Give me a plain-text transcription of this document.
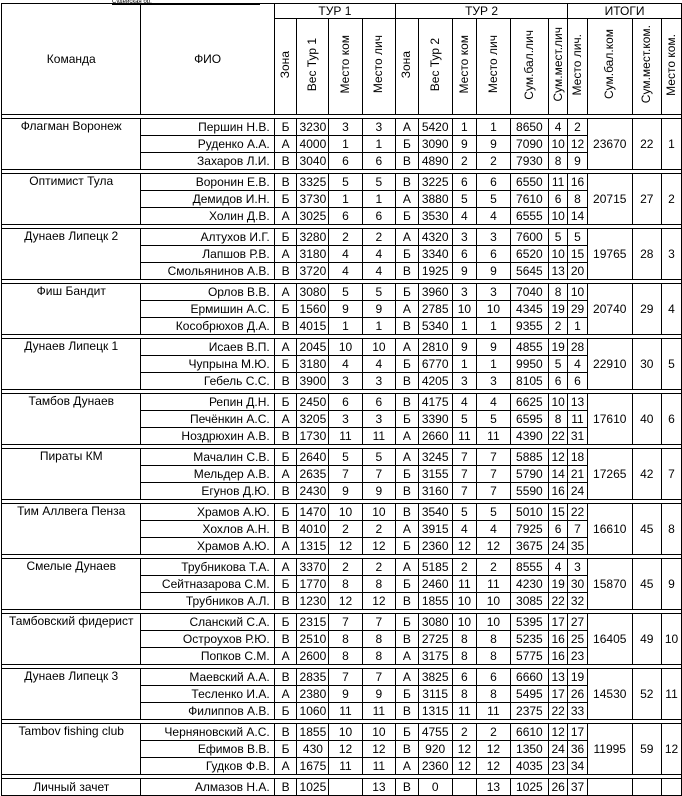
Судейская бр.
Команда	ФИО	ТУР 1				ТУР 2						ИТОГИ			
		Зона	Вес Тур 1	Место ком	Место лич	Зона	Вес Тур 2	Место ком	Место лич	Сум.бал.лич	Сум.мест.лич	Место лич.	Сум.бал.ком	Сум.мест.ком.	Место ком.

Флагман Воронеж	Першин Н.В.	Б	3230	3	3	А	5420	1	1	8650	4	2	23670	22	1
	Руденко А.А.	А	4000	1	1	Б	3090	9	9	7090	10	12			
	Захаров Л.И.	В	3040	6	6	В	4890	2	2	7930	8	9			

Оптимист Тула	Воронин Е.В.	В	3325	5	5	В	3225	6	6	6550	11	16	20715	27	2
	Демидов И.Н.	Б	3730	1	1	А	3880	5	5	7610	6	8			
	Холин Д.В.	А	3025	6	6	Б	3530	4	4	6555	10	14			

Дунаев Липецк 2	Алтухов И.Г.	Б	3280	2	2	А	4320	3	3	7600	5	5	19765	28	3
	Лапшов Р.В.	А	3180	4	4	Б	3340	6	6	6520	10	15			
	Смольянинов А.В.	В	3720	4	4	В	1925	9	9	5645	13	20			

Фиш Бандит	Орлов В.В.	А	3080	5	5	Б	3960	3	3	7040	8	10	20740	29	4
	Ермишин А.С.	Б	1560	9	9	А	2785	10	10	4345	19	29			
	Кособрюхов Д.А.	В	4015	1	1	В	5340	1	1	9355	2	1			

Дунаев Липецк 1	Исаев В.П.	А	2045	10	10	А	2810	9	9	4855	19	28	22910	30	5
	Чупрына М.Ю.	Б	3180	4	4	Б	6770	1	1	9950	5	4			
	Гебель С.С.	В	3900	3	3	В	4205	3	3	8105	6	6			

Тамбов Дунаев	Репин Д.Н.	Б	2450	6	6	В	4175	4	4	6625	10	13	17610	40	6
	Печёнкин А.С.	А	3205	3	3	Б	3390	5	5	6595	8	11			
	Ноздрюхин А.В.	В	1730	11	11	А	2660	11	11	4390	22	31			

Пираты КМ	Мачалин С.В.	Б	2640	5	5	А	3245	7	7	5885	12	18	17265	42	7
	Мельдер А.В.	А	2635	7	7	Б	3155	7	7	5790	14	21			
	Егунов Д.Ю.	В	2430	9	9	В	3160	7	7	5590	16	24			

Тим Аллвега Пенза	Храмов А.Ю.	Б	1470	10	10	В	3540	5	5	5010	15	22	16610	45	8
	Хохлов А.Н.	В	4010	2	2	А	3915	4	4	7925	6	7			
	Храмов А.Ю.	А	1315	12	12	Б	2360	12	12	3675	24	35			

Смелые Дунаев	Трубникова Т.А.	А	3370	2	2	А	5185	2	2	8555	4	3	15870	45	9
	Сейтназарова С.М.	Б	1770	8	8	Б	2460	11	11	4230	19	30			
	Трубников А.Л.	В	1230	12	12	В	1855	10	10	3085	22	32			

Тамбовский фидерист	Сланский С.А.	Б	2315	7	7	Б	3080	10	10	5395	17	27	16405	49	10
	Остроухов Р.Ю.	В	2510	8	8	В	2725	8	8	5235	16	25			
	Попков С.М.	А	2600	8	8	А	3175	8	8	5775	16	23			

Дунаев Липецк 3	Маевский А.А.	В	2835	7	7	А	3825	6	6	6660	13	19	14530	52	11
	Тесленко И.А.	А	2380	9	9	Б	3115	8	8	5495	17	26			
	Филиппов А.В.	Б	1060	11	11	В	1315	11	11	2375	22	33			

Tambov fishing club	Черняновский А.С.	В	1855	10	10	Б	4755	2	2	6610	12	17	11995	59	12
	Ефимов В.В.	Б	430	12	12	В	920	12	12	1350	24	36			
	Гудков Ф.В.	А	1675	11	11	А	2360	12	12	4035	23	34			

Личный зачет	Алмазов Н.А.	В	1025		13	В	0		13	1025	26	37			
